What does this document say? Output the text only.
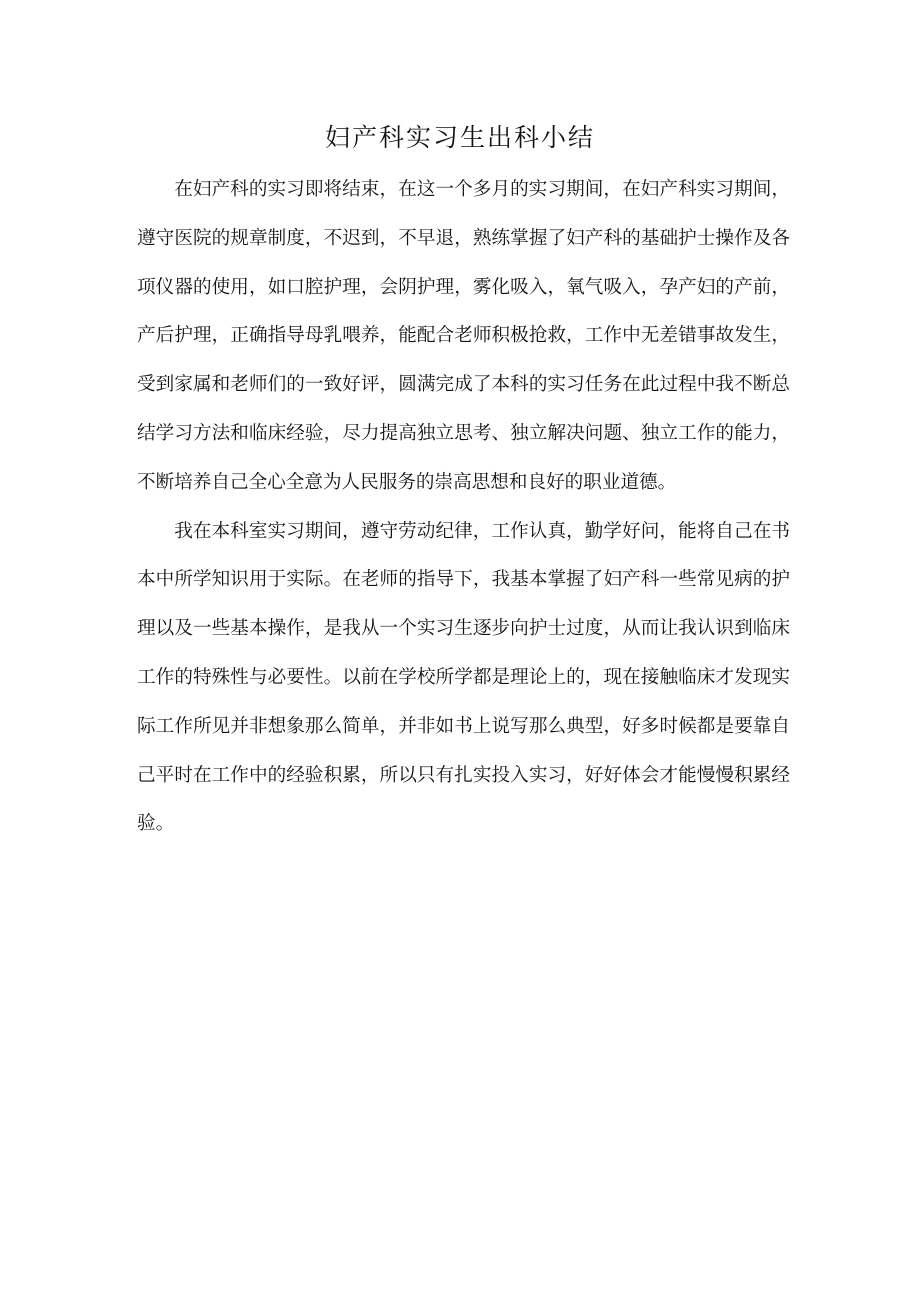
妇产科实习生出科小结

在妇产科的实习即将结束，在这一个多月的实习期间，在妇产科实习期间，遵守医院的规章制度，不迟到，不早退，熟练掌握了妇产科的基础护士操作及各项仪器的使用，如口腔护理，会阴护理，雾化吸入，氧气吸入，孕产妇的产前，产后护理，正确指导母乳喂养，能配合老师积极抢救，工作中无差错事故发生，受到家属和老师们的一致好评，圆满完成了本科的实习任务在此过程中我不断总结学习方法和临床经验，尽力提高独立思考、独立解决问题、独立工作的能力，不断培养自己全心全意为人民服务的崇高思想和良好的职业道德。

我在本科室实习期间，遵守劳动纪律，工作认真，勤学好问，能将自己在书本中所学知识用于实际。在老师的指导下，我基本掌握了妇产科一些常见病的护理以及一些基本操作，是我从一个实习生逐步向护士过度，从而让我认识到临床工作的特殊性与必要性。以前在学校所学都是理论上的，现在接触临床才发现实际工作所见并非想象那么简单，并非如书上说写那么典型，好多时候都是要靠自己平时在工作中的经验积累，所以只有扎实投入实习，好好体会才能慢慢积累经验。
